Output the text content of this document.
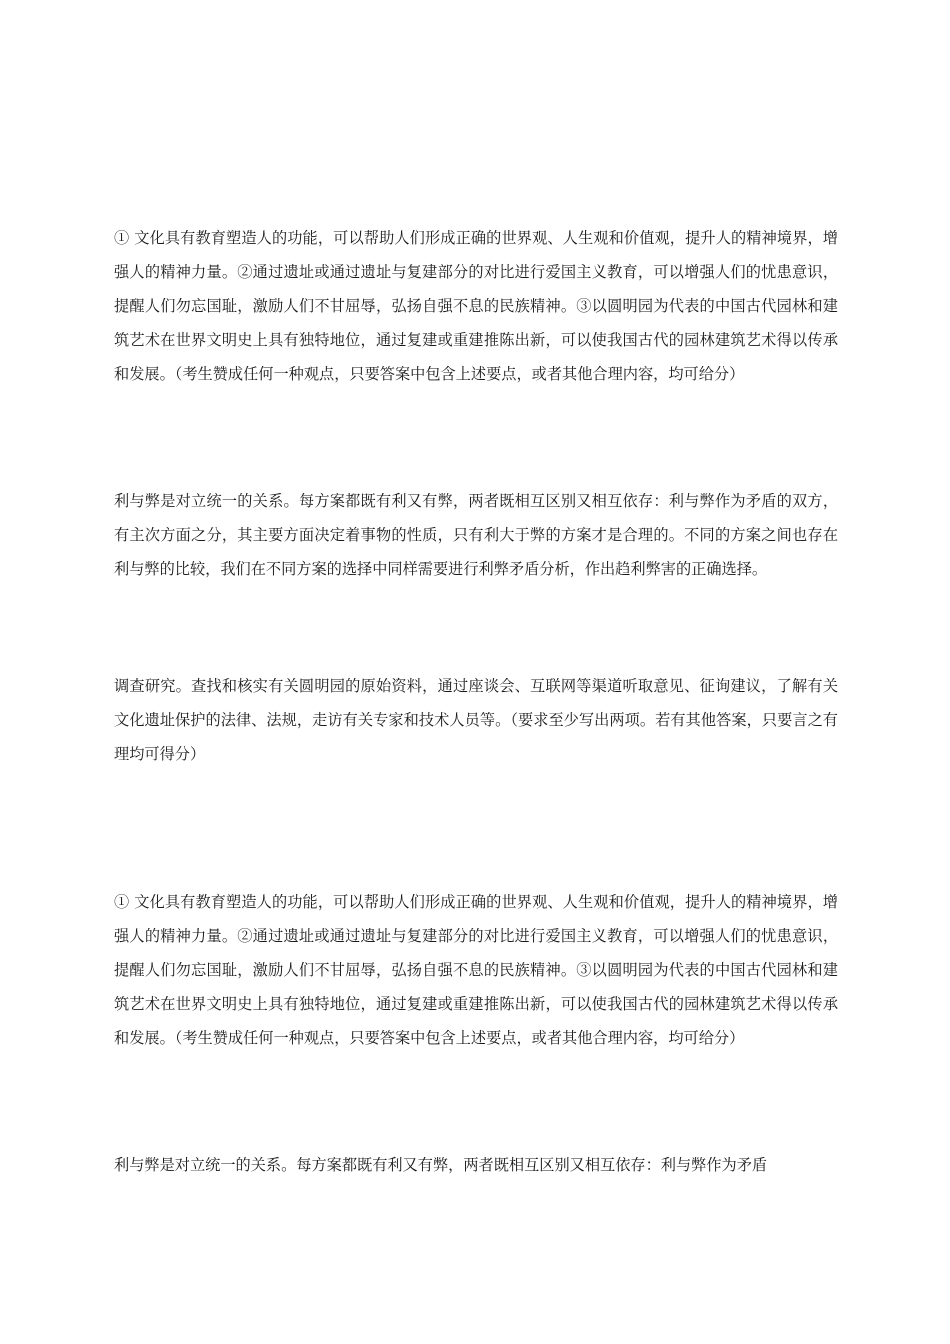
① 文化具有教育塑造人的功能，可以帮助人们形成正确的世界观、人生观和价值观，提升人的精神境界，增强人的精神力量。②通过遗址或通过遗址与复建部分的对比进行爱国主义教育，可以增强人们的忧患意识，提醒人们勿忘国耻，激励人们不甘屈辱，弘扬自强不息的民族精神。③以圆明园为代表的中国古代园林和建筑艺术在世界文明史上具有独特地位，通过复建或重建推陈出新，可以使我国古代的园林建筑艺术得以传承和发展。（考生赞成任何一种观点，只要答案中包含上述要点，或者其他合理内容，均可给分）

利与弊是对立统一的关系。每方案都既有利又有弊，两者既相互区别又相互依存：利与弊作为矛盾的双方，有主次方面之分，其主要方面决定着事物的性质，只有利大于弊的方案才是合理的。不同的方案之间也存在利与弊的比较，我们在不同方案的选择中同样需要进行利弊矛盾分析，作出趋利弊害的正确选择。

调查研究。查找和核实有关圆明园的原始资料，通过座谈会、互联网等渠道听取意见、征询建议，了解有关文化遗址保护的法律、法规，走访有关专家和技术人员等。（要求至少写出两项。若有其他答案，只要言之有理均可得分）

① 文化具有教育塑造人的功能，可以帮助人们形成正确的世界观、人生观和价值观，提升人的精神境界，增强人的精神力量。②通过遗址或通过遗址与复建部分的对比进行爱国主义教育，可以增强人们的忧患意识，提醒人们勿忘国耻，激励人们不甘屈辱，弘扬自强不息的民族精神。③以圆明园为代表的中国古代园林和建筑艺术在世界文明史上具有独特地位，通过复建或重建推陈出新，可以使我国古代的园林建筑艺术得以传承和发展。（考生赞成任何一种观点，只要答案中包含上述要点，或者其他合理内容，均可给分）

利与弊是对立统一的关系。每方案都既有利又有弊，两者既相互区别又相互依存：利与弊作为矛盾
